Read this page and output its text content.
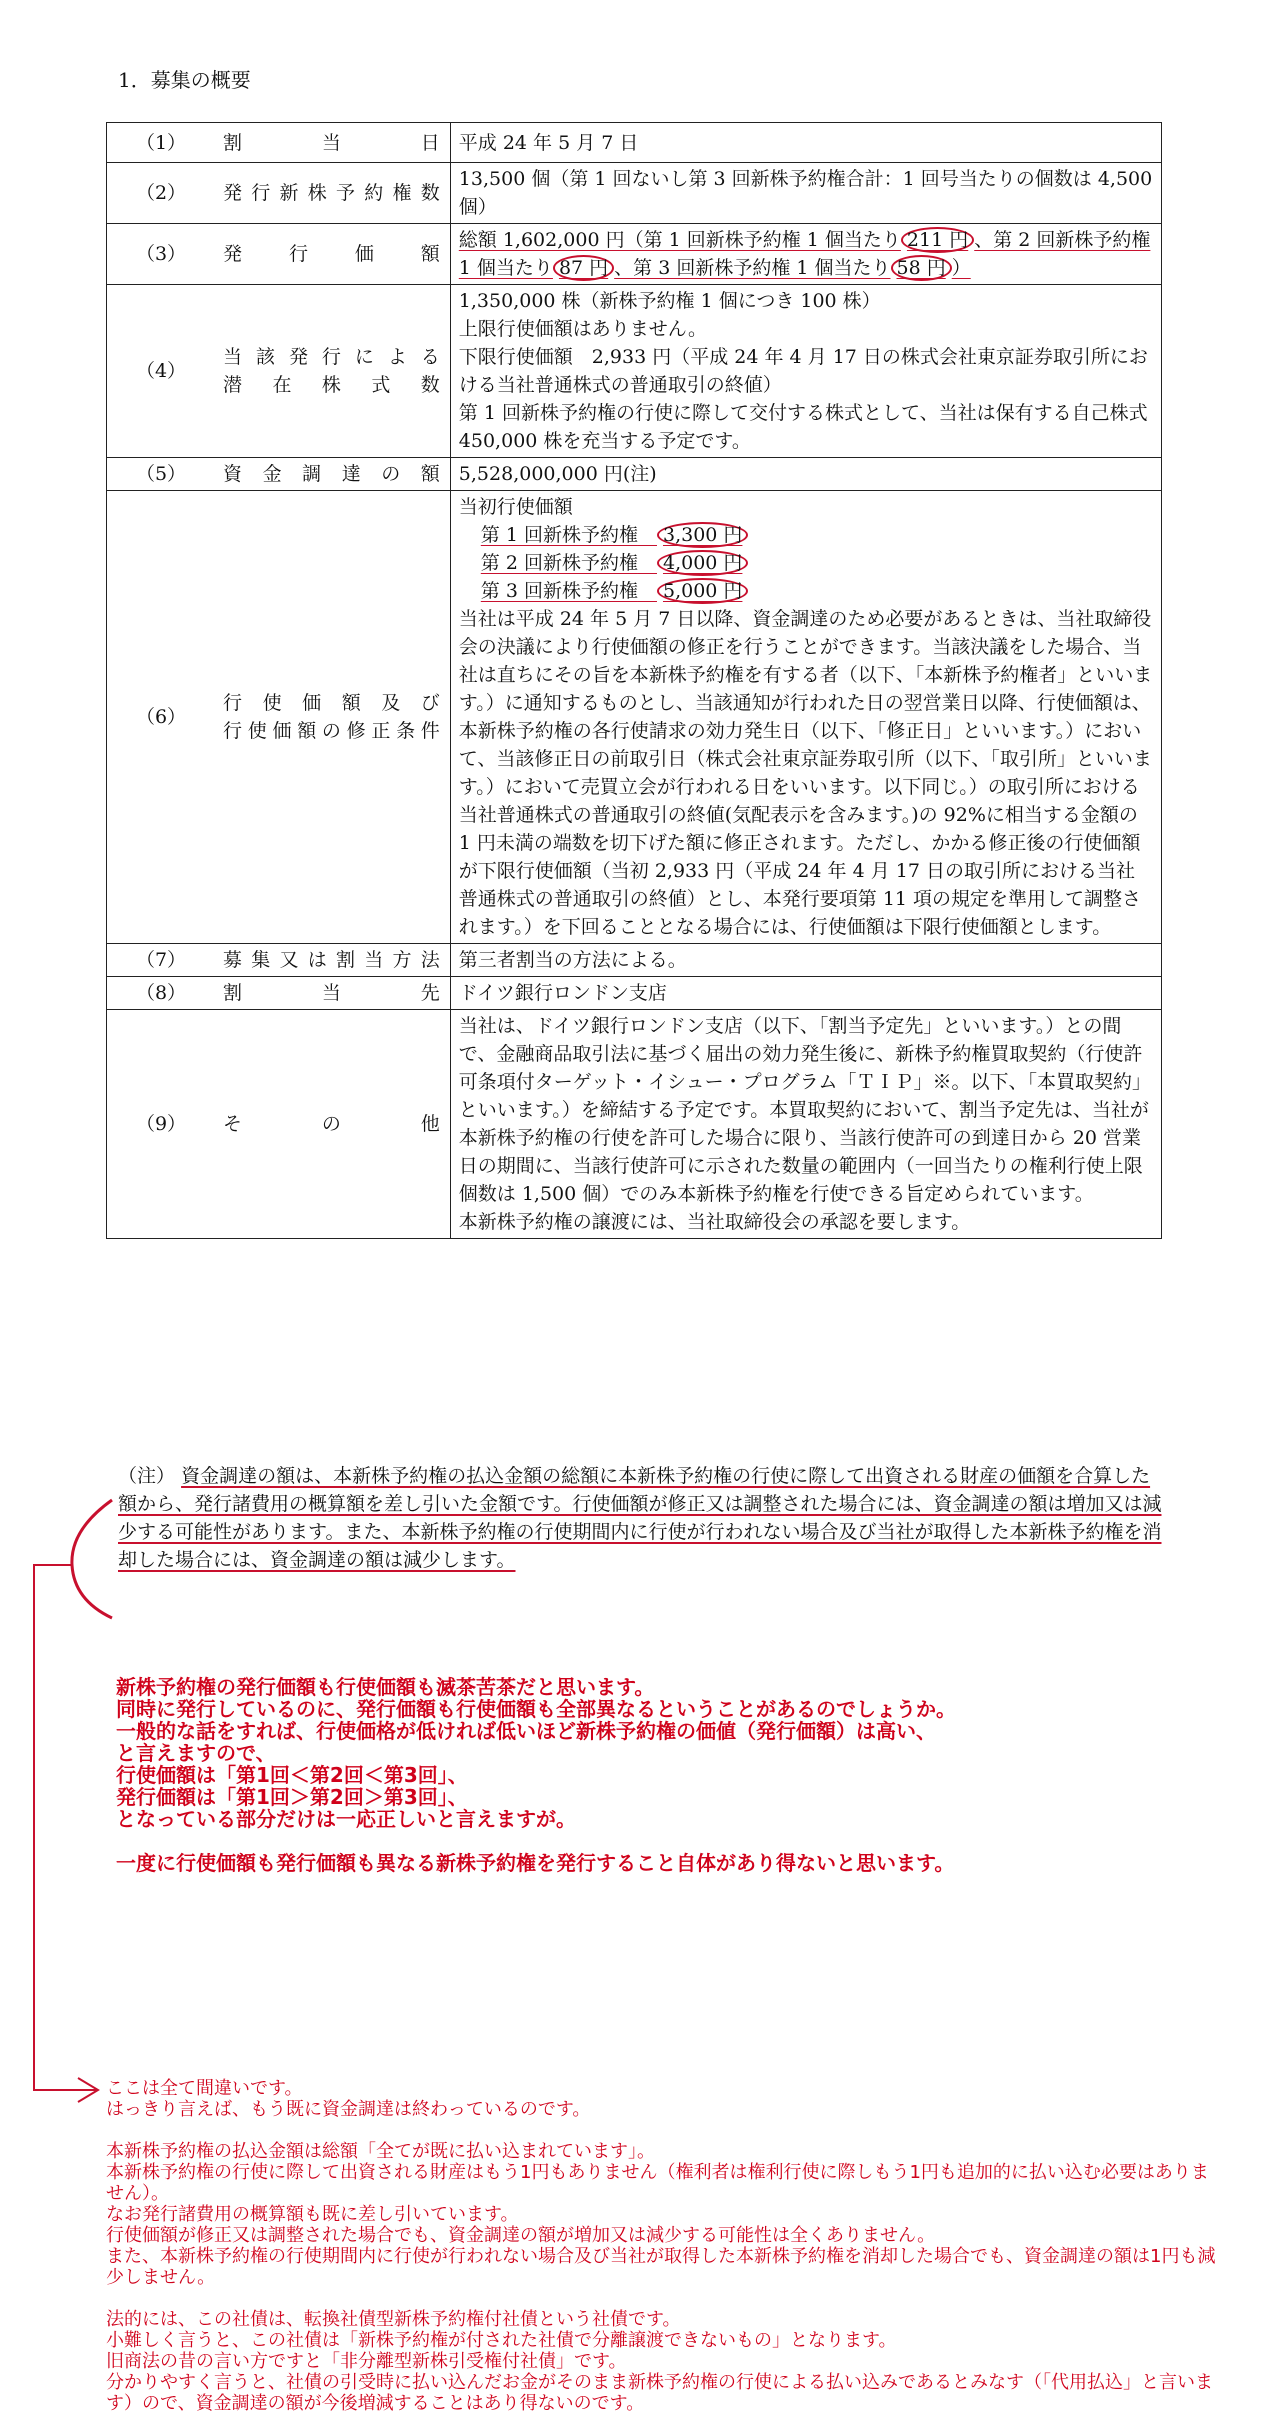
1．募集の概要
（1）	割　　当　　日	平成 24 年 5 月 7 日
（2）	発行新株予約権数	13,500 個（第 1 回ないし第 3 回新株予約権合計：1 回号当たりの個数は 4,500 個）
（3）	発　　行　　価　　額	総額 1,602,000 円（第 1 回新株予約権 1 個当たり 211 円 、第 2 回新株予約権 1 個当たり 87 円 、第 3 回新株予約権 1 個当たり 58 円 ）
（4）	当 該 発 行 に よ る
潜　在　株　式　数	1,350,000 株（新株予約権 1 個につき 100 株）
上限行使価額はありません。
下限行使価額　2,933 円（平成 24 年 4 月 17 日の株式会社東京証券取引所における当社普通株式の普通取引の終値）
第 1 回新株予約権の行使に際して交付する株式として、当社は保有する自己株式 450,000 株を充当する予定です。

（5）	資 金 調 達 の 額	5,528,000,000 円(注)
（6）	行 使 価 額 及 び
行使価額の修正条件	当初行使価額
第 1 回新株予約権　 3,300 円
第 2 回新株予約権　 4,000 円
第 3 回新株予約権　 5,000 円
当社は平成 24 年 5 月 7 日以降、資金調達のため必要があるときは、当社取締役会の決議により行使価額の修正を行うことができます。当該決議をした場合、当社は直ちにその旨を本新株予約権を有する者（以下、「本新株予約権者」といいます。）に通知するものとし、当該通知が行われた日の翌営業日以降、行使価額は、本新株予約権の各行使請求の効力発生日（以下、「修正日」といいます。）において、当該修正日の前取引日（株式会社東京証券取引所（以下、「取引所」といいます。）において売買立会が行われる日をいいます。以下同じ。）の取引所における当社普通株式の普通取引の終値(気配表示を含みます。)の 92%に相当する金額の 1 円未満の端数を切下げた額に修正されます。ただし、かかる修正後の行使価額が下限行使価額（当初 2,933 円（平成 24 年 4 月 17 日の取引所における当社普通株式の普通取引の終値）とし、本発行要項第 11 項の規定を準用して調整されます。）を下回ることとなる場合には、行使価額は下限行使価額とします。

（7）	募集又は割当方法	第三者割当の方法による。
（8）	割　　当　　先	ドイツ銀行ロンドン支店
（9）	そ　　の　　他	当社は、ドイツ銀行ロンドン支店（以下、「割当予定先」といいます。）との間で、金融商品取引法に基づく届出の効力発生後に、新株予約権買取契約（行使許可条項付ターゲット・イシュー・プログラム「ＴＩＰ」※。以下、「本買取契約」といいます。）を締結する予定です。本買取契約において、割当予定先は、当社が本新株予約権の行使を許可した場合に限り、当該行使許可の到達日から 20 営業日の期間に、当該行使許可に示された数量の範囲内（一回当たりの権利行使上限個数は 1,500 個）でのみ本新株予約権を行使できる旨定められています。
本新株予約権の譲渡には、当社取締役会の承認を要します。
（注） 資金調達の額は、本新株予約権の払込金額の総額に本新株予約権の行使に際して出資される財産の価額を合算した額から、発行諸費用の概算額を差し引いた金額です。行使価額が修正又は調整された場合には、資金調達の額は増加又は減少する可能性があります。また、本新株予約権の行使期間内に行使が行われない場合及び当社が取得した本新株予約権を消却した場合には、資金調達の額は減少します。
新株予約権の発行価額も行使価額も滅茶苦茶だと思います。
同時に発行しているのに、発行価額も行使価額も全部異なるということがあるのでしょうか。
一般的な話をすれば、行使価格が低ければ低いほど新株予約権の価値（発行価額）は高い、
と言えますので、
行使価額は「第1回＜第2回＜第3回」、
発行価額は「第1回＞第2回＞第3回」、
となっている部分だけは一応正しいと言えますが。
一度に行使価額も発行価額も異なる新株予約権を発行すること自体があり得ないと思います。
ここは全て間違いです。
はっきり言えば、もう既に資金調達は終わっているのです。
本新株予約権の払込金額は総額「全てが既に払い込まれています」。
本新株予約権の行使に際して出資される財産はもう1円もありません（権利者は権利行使に際しもう1円も追加的に払い込む必要はありません）。
なお発行諸費用の概算額も既に差し引いています。
行使価額が修正又は調整された場合でも、資金調達の額が増加又は減少する可能性は全くありません。
また、本新株予約権の行使期間内に行使が行われない場合及び当社が取得した本新株予約権を消却した場合でも、資金調達の額は1円も減少しません。
法的には、この社債は、転換社債型新株予約権付社債という社債です。
小難しく言うと、この社債は「新株予約権が付された社債で分離譲渡できないもの」となります。
旧商法の昔の言い方ですと「非分離型新株引受権付社債」です。
分かりやすく言うと、社債の引受時に払い込んだお金がそのまま新株予約権の行使による払い込みであるとみなす（「代用払込」と言います）ので、資金調達の額が今後増減することはあり得ないのです。
